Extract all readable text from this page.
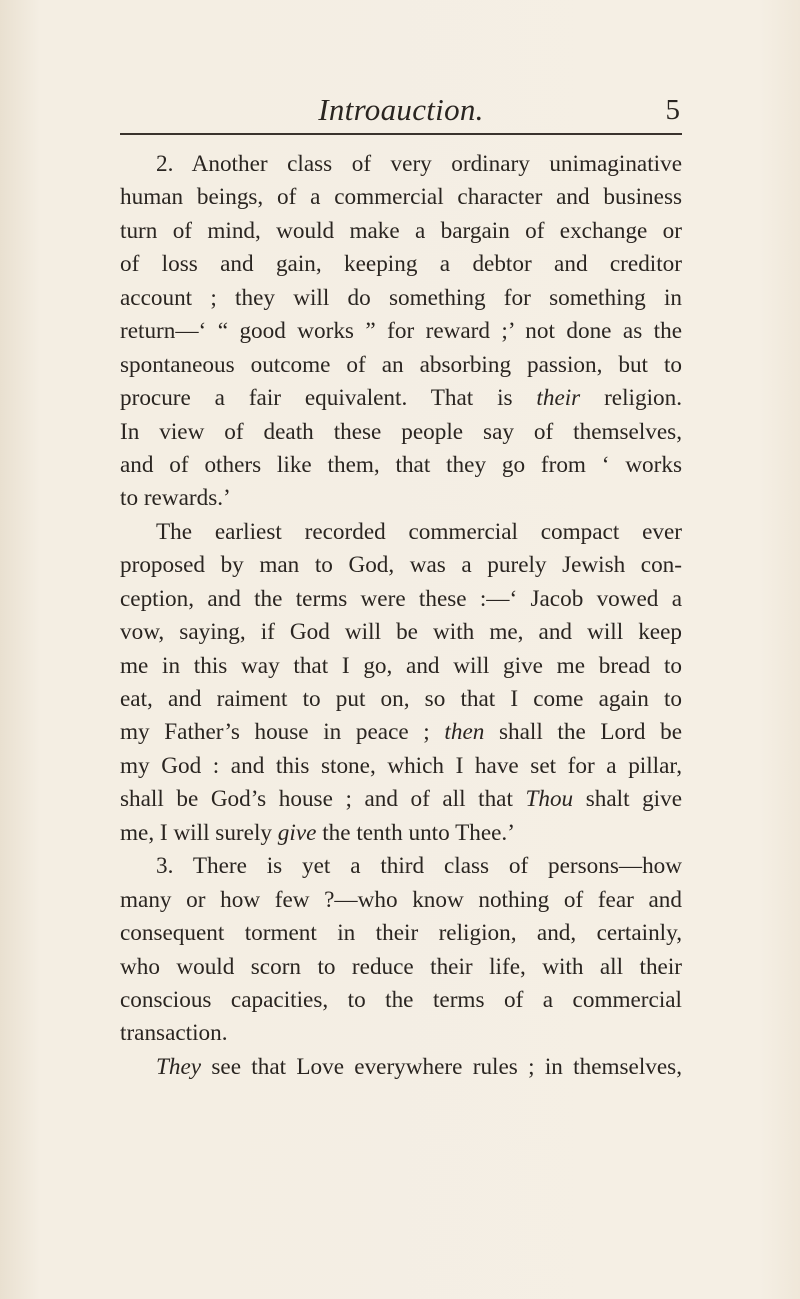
Introauction.	5
2. Another class of very ordinary unimaginative
human beings, of a commercial character and business
turn of mind, would make a bargain of exchange or
of loss and gain, keeping a debtor and creditor
account ; they will do something for something in
return—‘ “ good works ” for reward ;’ not done as the
spontaneous outcome of an absorbing passion, but to
procure a fair equivalent. That is their religion.
In view of death these people say of themselves,
and of others like them, that they go from ‘ works
to rewards.’
The earliest recorded commercial compact ever
proposed by man to God, was a purely Jewish con-
ception, and the terms were these :—‘ Jacob vowed a
vow, saying, if God will be with me, and will keep
me in this way that I go, and will give me bread to
eat, and raiment to put on, so that I come again to
my Father’s house in peace ; then shall the Lord be
my God : and this stone, which I have set for a pillar,
shall be God’s house ; and of all that Thou shalt give
me, I will surely give the tenth unto Thee.’
3. There is yet a third class of persons—how
many or how few ?—who know nothing of fear and
consequent torment in their religion, and, certainly,
who would scorn to reduce their life, with all their
conscious capacities, to the terms of a commercial
transaction.
They see that Love everywhere rules ; in themselves,
